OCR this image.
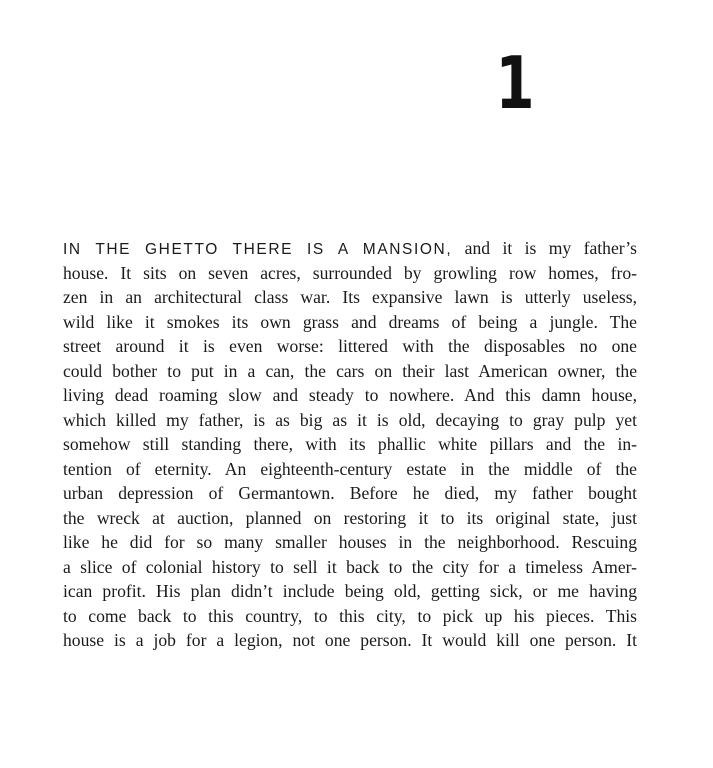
1
IN THE GHETTO THERE IS A MANSION, and it is my father’s
house. It sits on seven acres, surrounded by growling row homes, fro-
zen in an architectural class war. Its expansive lawn is utterly useless,
wild like it smokes its own grass and dreams of being a jungle. The
street around it is even worse: littered with the disposables no one
could bother to put in a can, the cars on their last American owner, the
living dead roaming slow and steady to nowhere. And this damn house,
which killed my father, is as big as it is old, decaying to gray pulp yet
somehow still standing there, with its phallic white pillars and the in-
tention of eternity. An eighteenth-century estate in the middle of the
urban depression of Germantown. Before he died, my father bought
the wreck at auction, planned on restoring it to its original state, just
like he did for so many smaller houses in the neighborhood. Rescuing
a slice of colonial history to sell it back to the city for a timeless Amer-
ican profit. His plan didn’t include being old, getting sick, or me having
to come back to this country, to this city, to pick up his pieces. This
house is a job for a legion, not one person. It would kill one person. It
